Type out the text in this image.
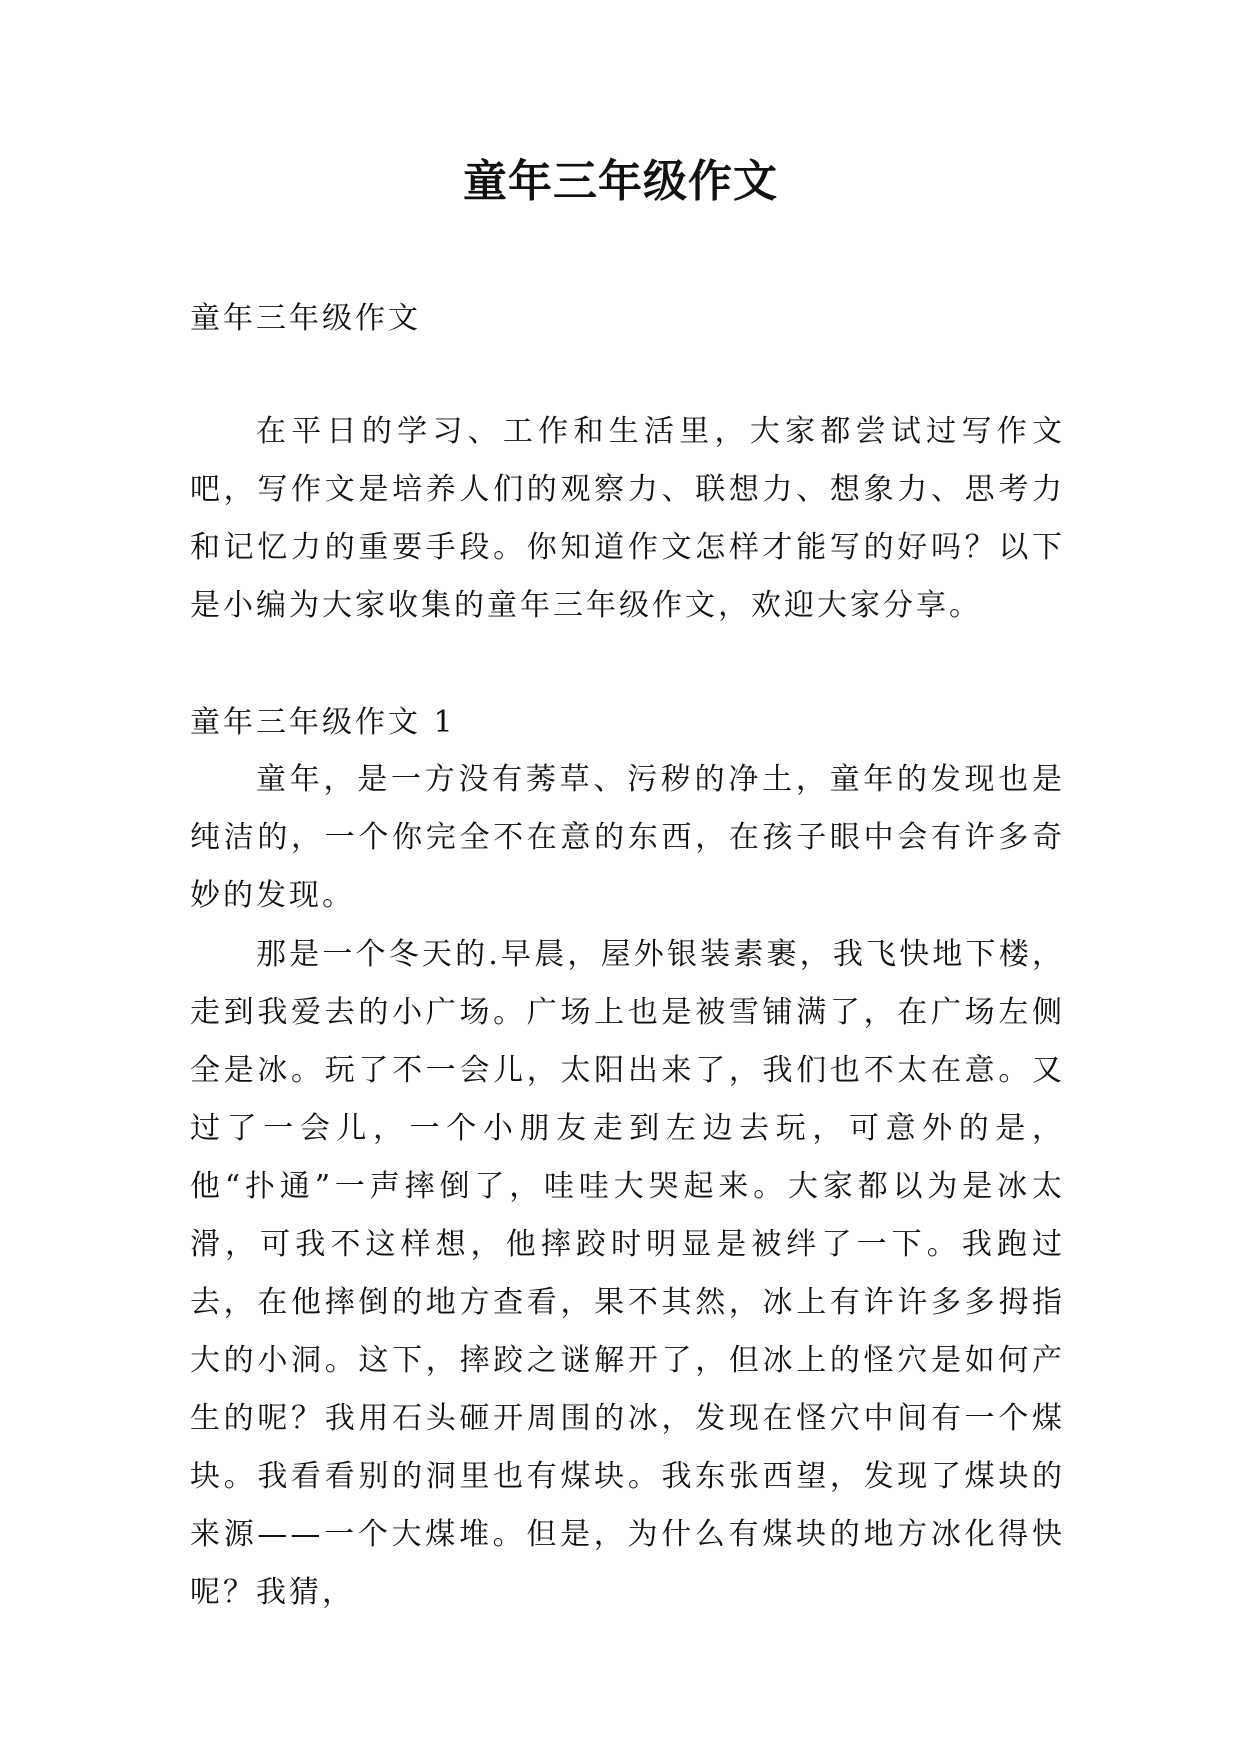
童年三年级作文

童年三年级作文

在平日的学习、工作和生活里，大家都尝试过写作文吧，写作文是培养人们的观察力、联想力、想象力、思考力和记忆力的重要手段。你知道作文怎样才能写的好吗？以下是小编为大家收集的童年三年级作文，欢迎大家分享。

童年三年级作文 1

童年，是一方没有莠草、污秽的净土，童年的发现也是纯洁的，一个你完全不在意的东西，在孩子眼中会有许多奇妙的发现。

那是一个冬天的.早晨，屋外银装素裹，我飞快地下楼，走到我爱去的小广场。广场上也是被雪铺满了，在广场左侧全是冰。玩了不一会儿，太阳出来了，我们也不太在意。又过了一会儿，一个小朋友走到左边去玩，可意外的是，他“扑通”一声摔倒了，哇哇大哭起来。大家都以为是冰太滑，可我不这样想，他摔跤时明显是被绊了一下。我跑过去，在他摔倒的地方查看，果不其然，冰上有许许多多拇指大的小洞。这下，摔跤之谜解开了，但冰上的怪穴是如何产生的呢？我用石头砸开周围的冰，发现在怪穴中间有一个煤块。我看看别的洞里也有煤块。我东张西望，发现了煤块的来源——一个大煤堆。但是，为什么有煤块的地方冰化得快呢？我猜，
